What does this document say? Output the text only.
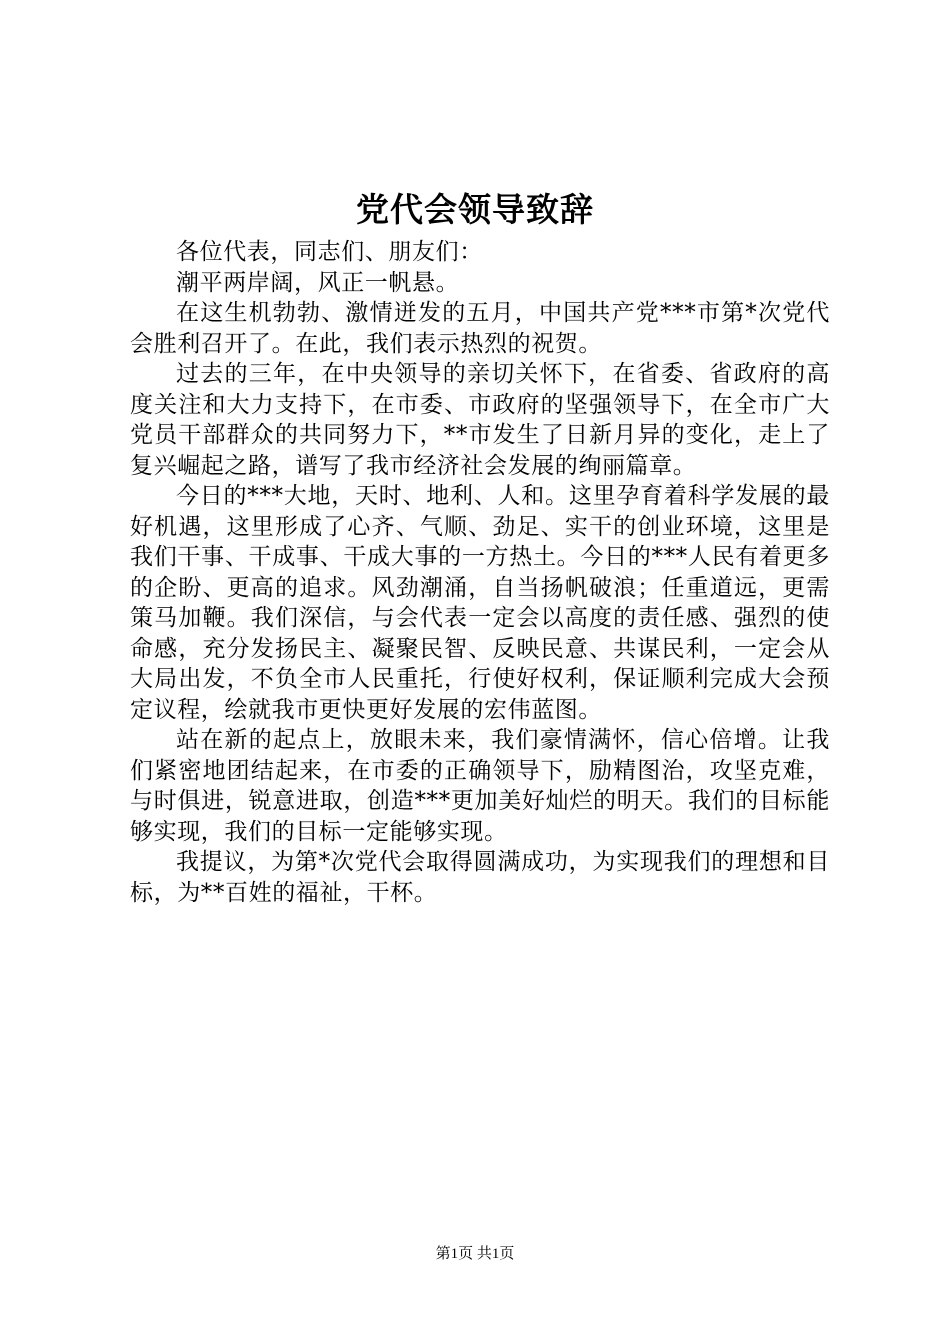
党代会领导致辞

各位代表，同志们、朋友们：

潮平两岸阔，风正一帆悬。

在这生机勃勃、激情迸发的五月，中国共产党***市第*次党代会胜利召开了。在此，我们表示热烈的祝贺。

过去的三年，在中央领导的亲切关怀下，在省委、省政府的高度关注和大力支持下，在市委、市政府的坚强领导下，在全市广大党员干部群众的共同努力下，**市发生了日新月异的变化，走上了复兴崛起之路，谱写了我市经济社会发展的绚丽篇章。

今日的***大地，天时、地利、人和。这里孕育着科学发展的最好机遇，这里形成了心齐、气顺、劲足、实干的创业环境，这里是我们干事、干成事、干成大事的一方热土。今日的***人民有着更多的企盼、更高的追求。风劲潮涌，自当扬帆破浪；任重道远，更需策马加鞭。我们深信，与会代表一定会以高度的责任感、强烈的使命感，充分发扬民主、凝聚民智、反映民意、共谋民利，一定会从大局出发，不负全市人民重托，行使好权利，保证顺利完成大会预定议程，绘就我市更快更好发展的宏伟蓝图。

站在新的起点上，放眼未来，我们豪情满怀，信心倍增。让我们紧密地团结起来，在市委的正确领导下，励精图治，攻坚克难，与时俱进，锐意进取，创造***更加美好灿烂的明天。我们的目标能够实现，我们的目标一定能够实现。

我提议，为第*次党代会取得圆满成功，为实现我们的理想和目标，为**百姓的福祉，干杯。

第1页 共1页
